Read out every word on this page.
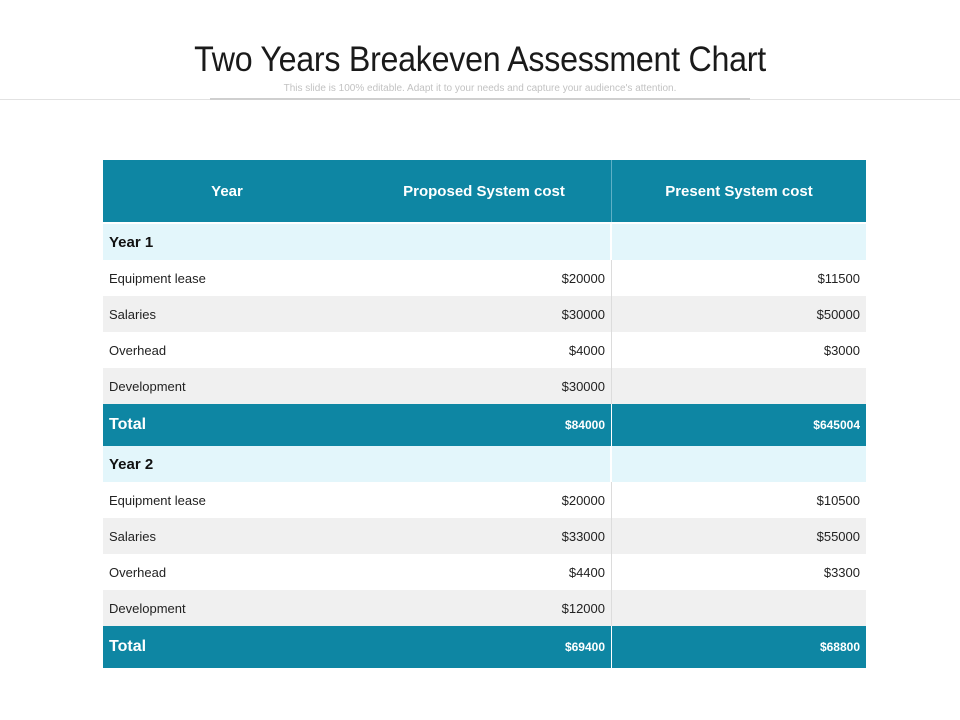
Two Years Breakeven Assessment Chart
This slide is 100% editable. Adapt it to your needs and capture your audience's attention.
Year	Proposed System cost	Present System cost
Year 1
Equipment lease	$20000	$11500
Salaries	$30000	$50000
Overhead	$4000	$3000
Development	$30000
Total	$84000	$645004
Year 2
Equipment lease	$20000	$10500
Salaries	$33000	$55000
Overhead	$4400	$3300
Development	$12000
Total	$69400	$68800
